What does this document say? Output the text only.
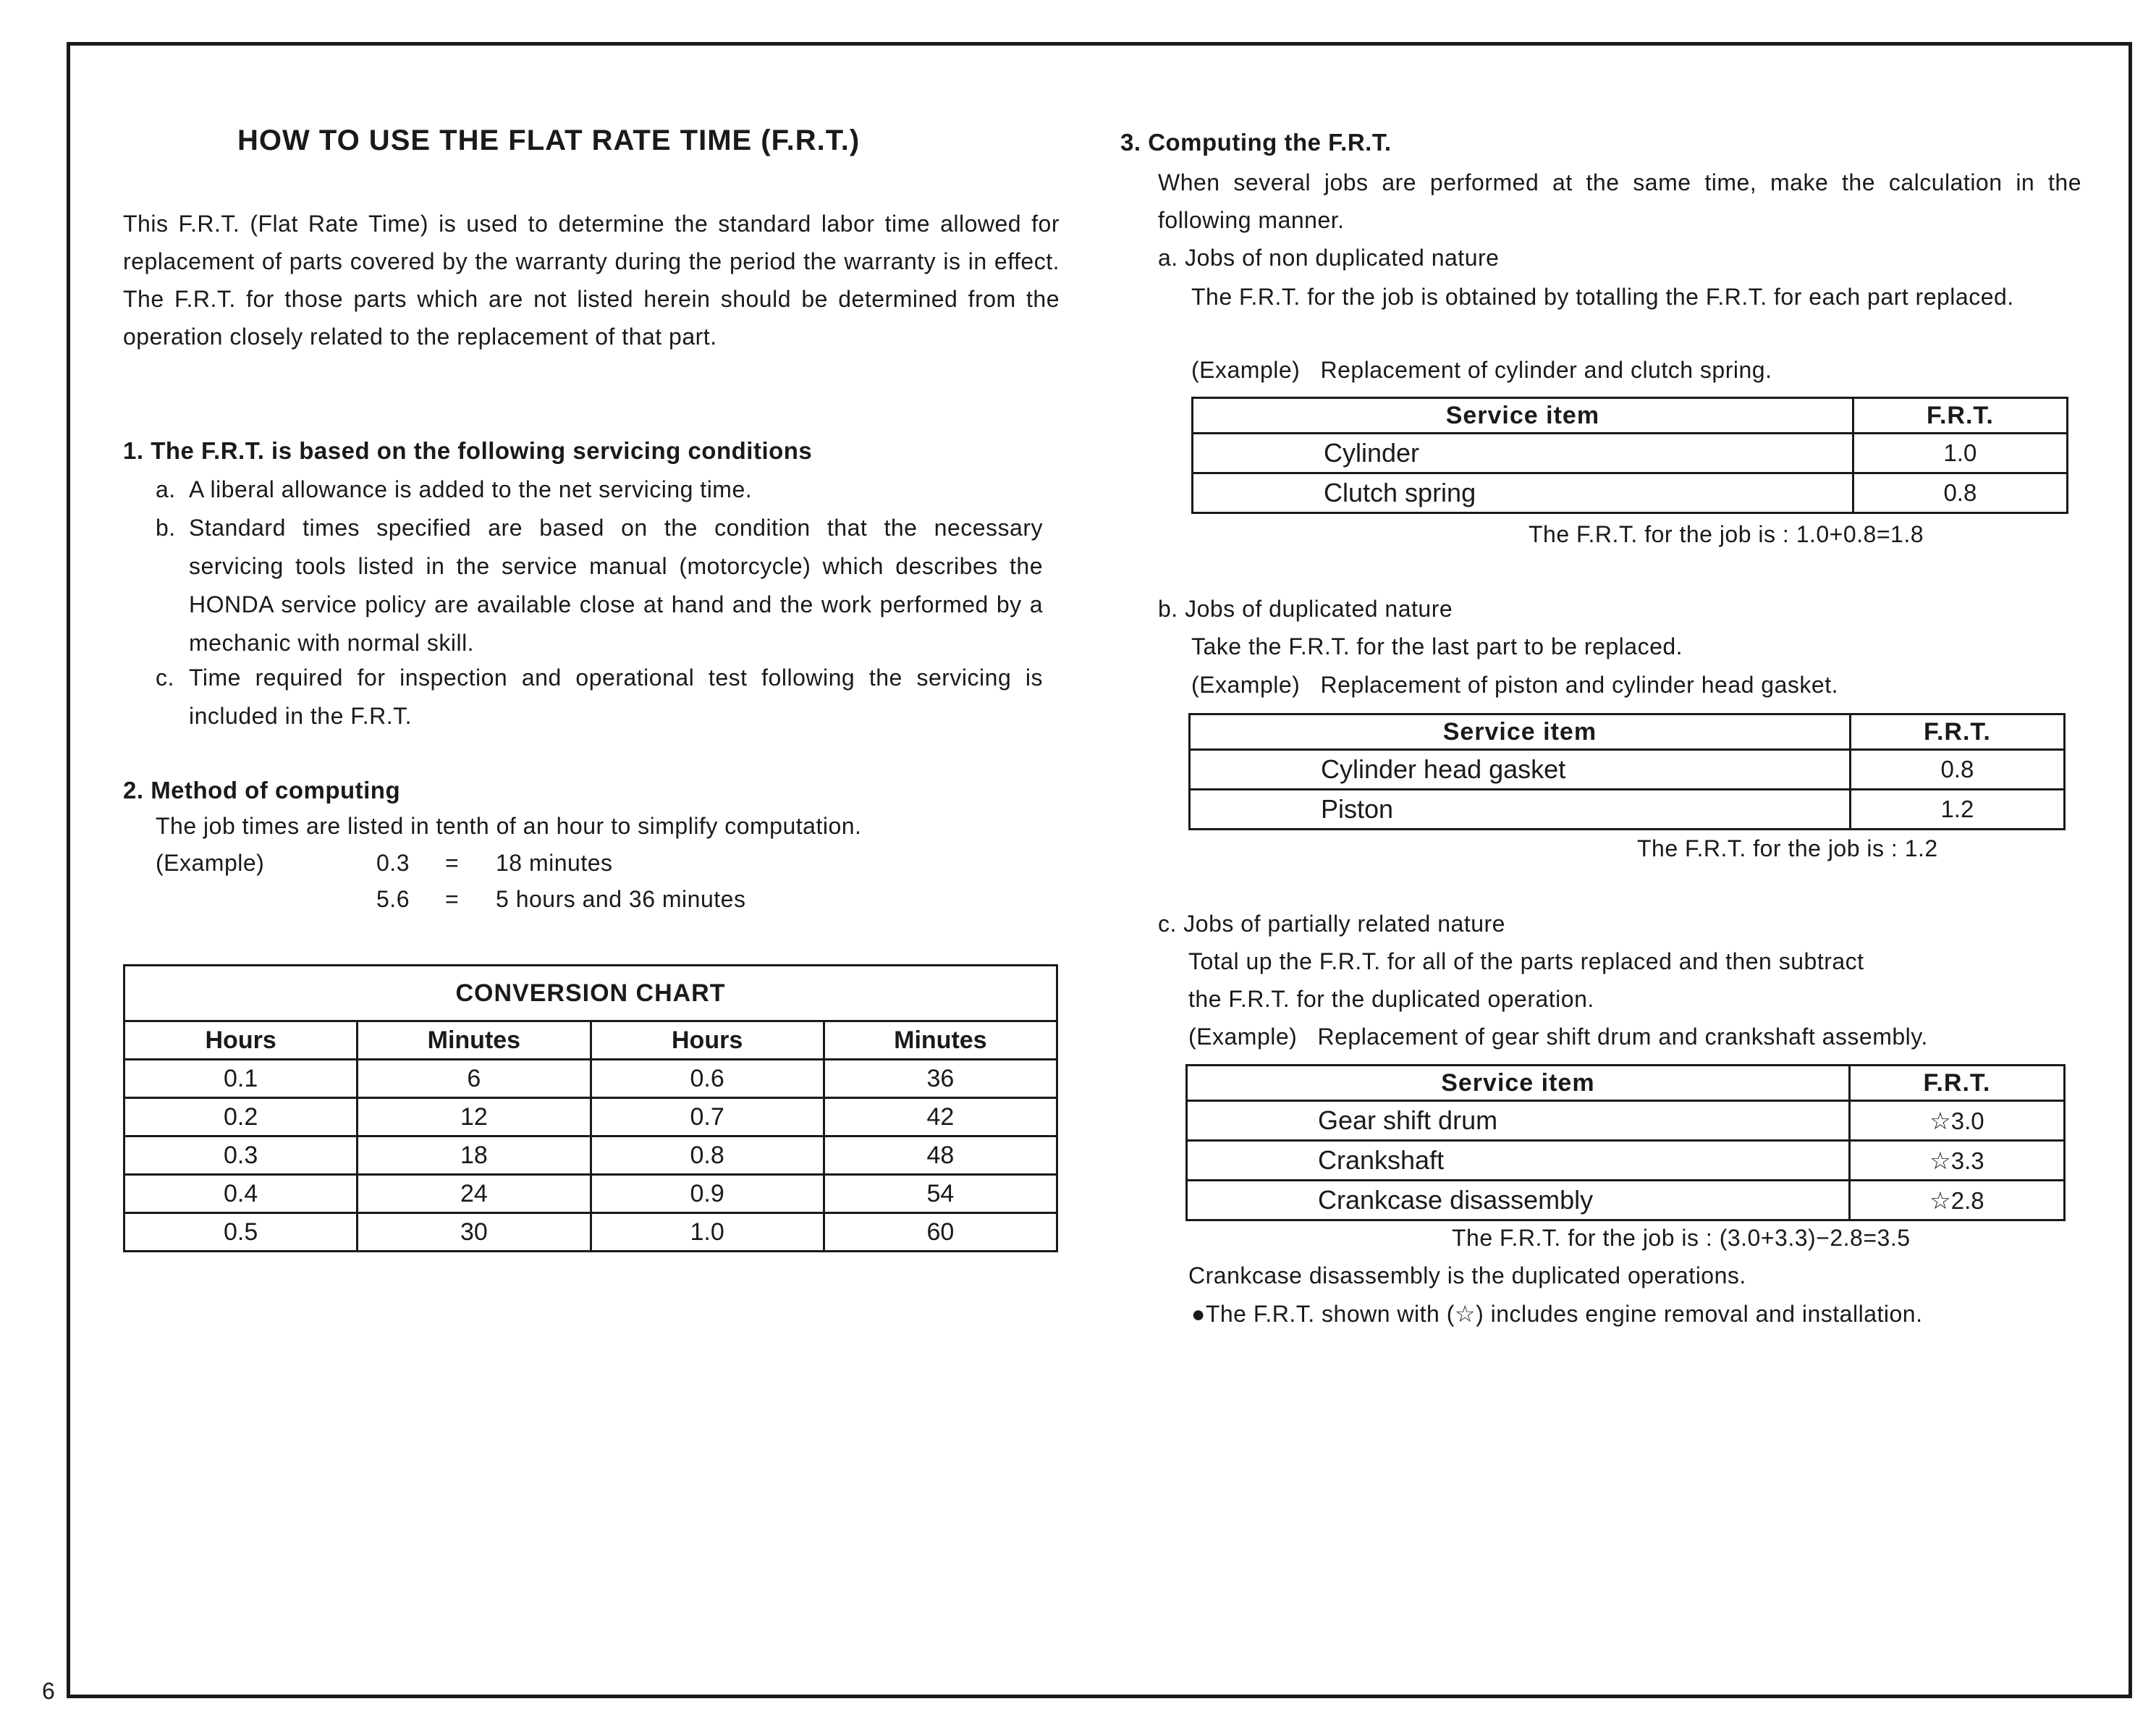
6
HOW TO USE THE FLAT RATE TIME (F.R.T.)
This F.R.T. (Flat Rate Time) is used to determine the standard labor time allowed for replacement of parts covered by the warranty during the period the warranty is in effect. The F.R.T. for those parts which are not listed herein should be determined from the operation closely related to the replacement of that part.
1. The F.R.T. is based on the following servicing conditions
a. A liberal allowance is added to the net servicing time.
b. Standard times specified are based on the condition that the necessary servicing tools listed in the service manual (motorcycle) which describes the HONDA service policy are available close at hand and the work performed by a mechanic with normal skill.
c. Time required for inspection and operational test following the servicing is included in the F.R.T.
2. Method of computing
The job times are listed in tenth of an hour to simplify computation.
(Example)	0.3 = 18 minutes
5.6 = 5 hours and 36 minutes
CONVERSION CHART			
Hours	Minutes	Hours	Minutes
0.1	6	0.6	36
0.2	12	0.7	42
0.3	18	0.8	48
0.4	24	0.9	54
0.5	30	1.0	60
3. Computing the F.R.T.
When several jobs are performed at the same time, make the calculation in the following manner.
a. Jobs of non duplicated nature
The F.R.T. for the job is obtained by totalling the F.R.T. for each part replaced.
(Example)   Replacement of cylinder and clutch spring.
Service item	F.R.T.
Cylinder	1.0
Clutch spring	0.8
The F.R.T. for the job is : 1.0+0.8=1.8
b. Jobs of duplicated nature
Take the F.R.T. for the last part to be replaced.
(Example)   Replacement of piston and cylinder head gasket.
Service item	F.R.T.
Cylinder head gasket	0.8
Piston	1.2
The F.R.T. for the job is : 1.2
c. Jobs of partially related nature
Total up the F.R.T. for all of the parts replaced and then subtract
the F.R.T. for the duplicated operation.
(Example)   Replacement of gear shift drum and crankshaft assembly.
Service item	F.R.T.
Gear shift drum	☆3.0
Crankshaft	☆3.3
Crankcase disassembly	☆2.8
The F.R.T. for the job is : (3.0+3.3)−2.8=3.5
Crankcase disassembly is the duplicated operations.
●The F.R.T. shown with (☆) includes engine removal and installation.
